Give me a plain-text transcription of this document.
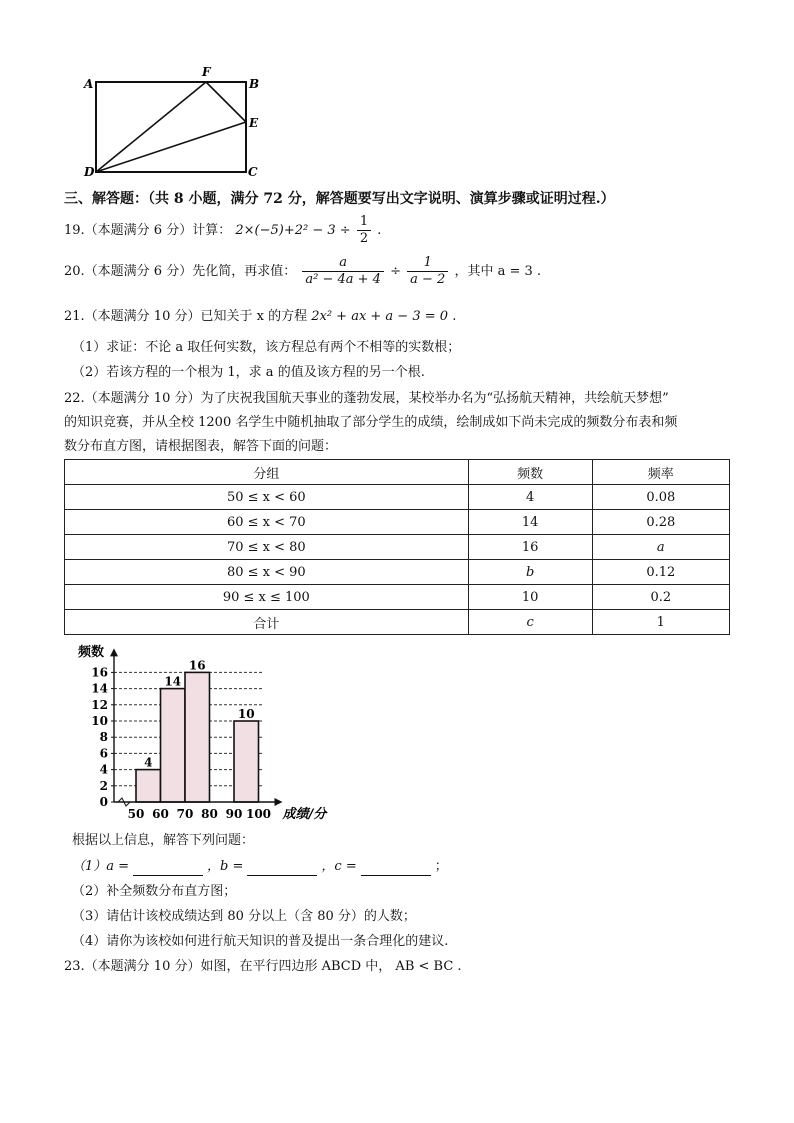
A
F
B
E
D	C
三、解答题：（共 8 小题，满分 72 分，解答题要写出文字说明、演算步骤或证明过程.）
19.（本题满分 6 分）计算： $2\times(-5)+2^2 - 3 \div \frac{1}{2}$ .
20.（本题满分 6 分）先化简，再求值： $\frac{a}{\text{a² − 4a + 4}} \div \frac{1}{a - 2}$ ，其中 a = 3 .
21.（本题满分 10 分）已知关于 x 的方程 2x² + ax + a − 3 = 0 .
（1）求证：不论 a 取任何实数，该方程总有两个不相等的实数根；
（2）若该方程的一个根为 1，求 a 的值及该方程的另一个根.
22.（本题满分 10 分）为了庆祝我国航天事业的蓬勃发展，某校举办名为“弘扬航天精神，共绘航天梦想”
的知识竞赛，并从全校 1200 名学生中随机抽取了部分学生的成绩，绘制成如下尚未完成的频数分布表和频
数分布直方图，请根据图表，解答下面的问题：
分组	频数	频率
50 ≤ x < 60	4	0.08
60 ≤ x < 70	14	0.28
70 ≤ x < 80	16	a
80 ≤ x < 90	b	0.12
90 ≤ x ≤ 100	10	0.2
合计	c	1
0
2
4
6
8
10
12
14
16
4
14
16
10
50 60 70 80 90 100
频数
成绩/分
根据以上信息，解答下列问题：
（1）a =	，b =	，c =	；
（2）补全频数分布直方图；
（3）请估计该校成绩达到 80 分以上（含 80 分）的人数；
（4）请你为该校如何进行航天知识的普及提出一条合理化的建议.
23.（本题满分 10 分）如图，在平行四边形 ABCD 中， AB < BC .
